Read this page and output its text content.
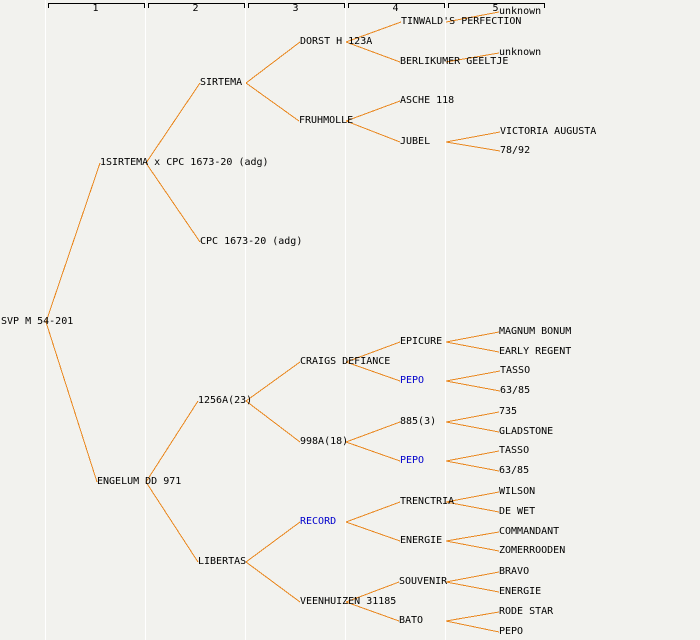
1	2	3	4	5
SVP M 54-201
1SIRTEMA x CPC 1673-20 (adg)
ENGELUM DD 971
SIRTEMA
CPC 1673-20 (adg)
1256A(23)
LIBERTAS
DORST H 123A
FRUHMOLLE
CRAIGS DEFIANCE
998A(18)
RECORD
VEENHUIZEN 31185
TINWALD'S PERFECTION
BERLIKUMER GEELTJE
ASCHE 118
JUBEL
EPICURE
PEPO
885(3)
PEPO
TRENCTRIA
ENERGIE
SOUVENIR
BATO
unknown
unknown
VICTORIA AUGUSTA
78/92
MAGNUM BONUM
EARLY REGENT
TASSO
63/85
735
GLADSTONE
TASSO
63/85
WILSON
DE WET
COMMANDANT
ZOMERROODEN
BRAVO
ENERGIE
RODE STAR
PEPO
